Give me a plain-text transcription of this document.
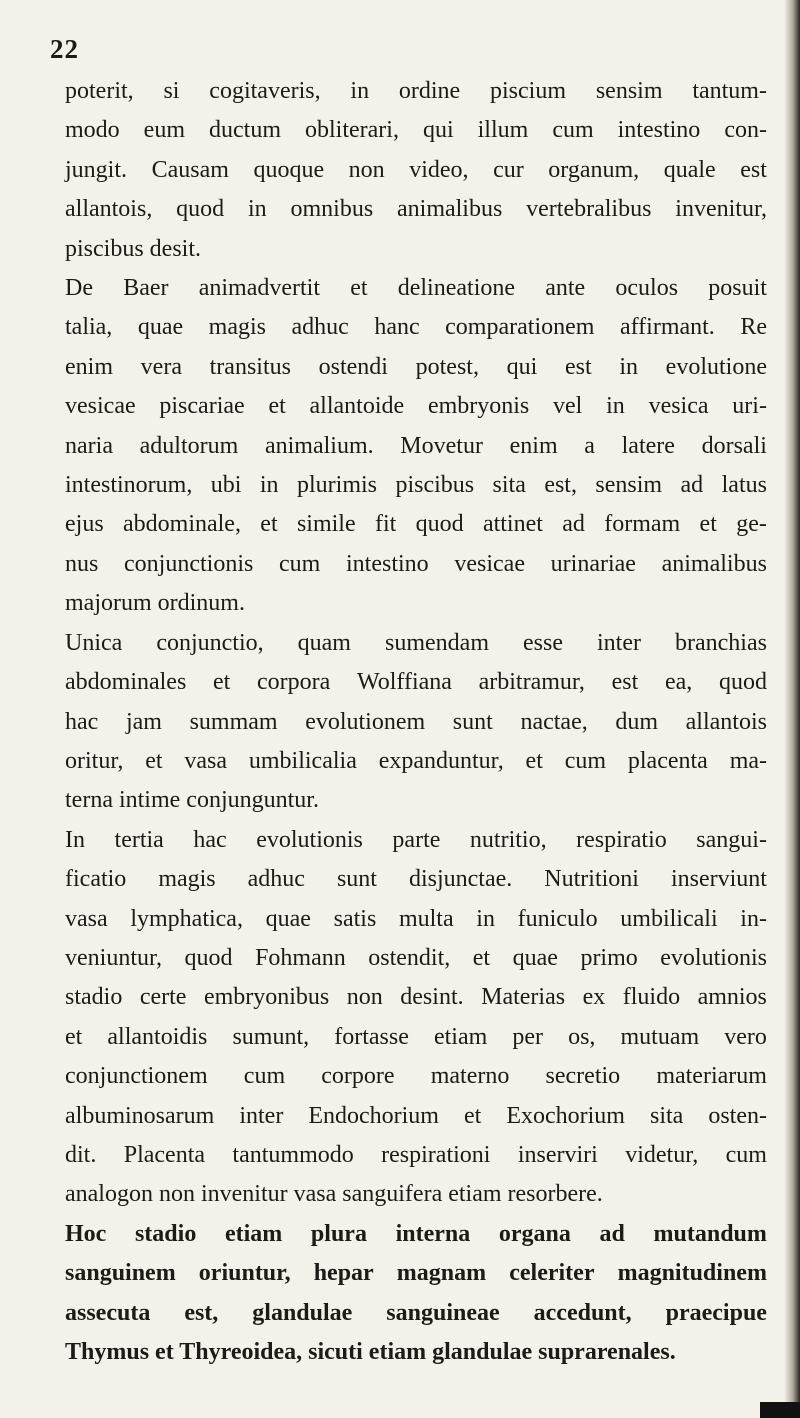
22
poterit, si cogitaveris, in ordine piscium sensim tantum-
modo eum ductum obliterari, qui illum cum intestino con-
jungit. Causam quoque non video, cur organum, quale est
allantois, quod in omnibus animalibus vertebralibus invenitur,
piscibus desit.
De Baer animadvertit et delineatione ante oculos posuit
talia, quae magis adhuc hanc comparationem affirmant. Re
enim vera transitus ostendi potest, qui est in evolutione
vesicae piscariae et allantoide embryonis vel in vesica uri-
naria adultorum animalium. Movetur enim a latere dorsali
intestinorum, ubi in plurimis piscibus sita est, sensim ad latus
ejus abdominale, et simile fit quod attinet ad formam et ge-
nus conjunctionis cum intestino vesicae urinariae animalibus
majorum ordinum.
Unica conjunctio, quam sumendam esse inter branchias
abdominales et corpora Wolffiana arbitramur, est ea, quod
hac jam summam evolutionem sunt nactae, dum allantois
oritur, et vasa umbilicalia expanduntur, et cum placenta ma-
terna intime conjunguntur.
In tertia hac evolutionis parte nutritio, respiratio sangui-
ficatio magis adhuc sunt disjunctae. Nutritioni inserviunt
vasa lymphatica, quae satis multa in funiculo umbilicali in-
veniuntur, quod Fohmann ostendit, et quae primo evolutionis
stadio certe embryonibus non desint. Materias ex fluido amnios
et allantoidis sumunt, fortasse etiam per os, mutuam vero
conjunctionem cum corpore materno secretio materiarum
albuminosarum inter Endochorium et Exochorium sita osten-
dit. Placenta tantummodo respirationi inserviri videtur, cum
analogon non invenitur vasa sanguifera etiam resorbere.
Hoc stadio etiam plura interna organa ad mutandum
sanguinem oriuntur, hepar magnam celeriter magnitudinem
assecuta est, glandulae sanguineae accedunt, praecipue
Thymus et Thyreoidea, sicuti etiam glandulae suprarenales.
